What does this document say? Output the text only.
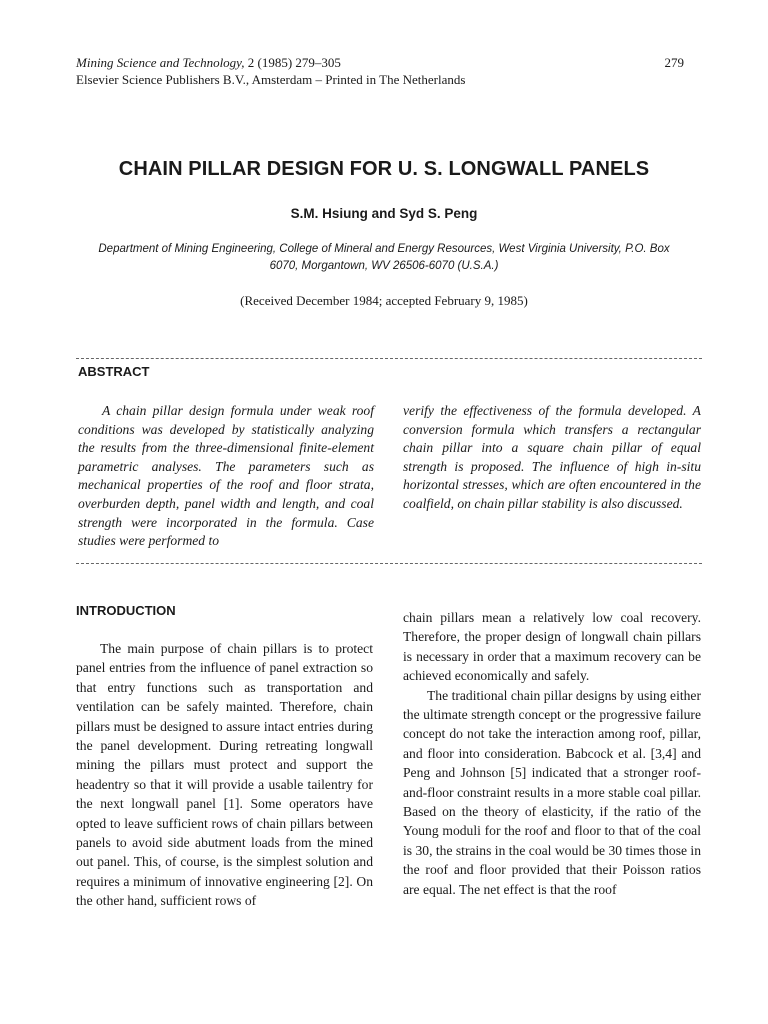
Mining Science and Technology, 2 (1985) 279–305
Elsevier Science Publishers B.V., Amsterdam – Printed in The Netherlands
279
CHAIN PILLAR DESIGN FOR U. S. LONGWALL PANELS
S.M. Hsiung and Syd S. Peng
Department of Mining Engineering, College of Mineral and Energy Resources, West Virginia University, P.O. Box 6070, Morgantown, WV 26506-6070 (U.S.A.)
(Received December 1984; accepted February 9, 1985)
ABSTRACT
A chain pillar design formula under weak roof conditions was developed by statistically analyzing the results from the three-dimensional finite-element parametric analyses. The parameters such as mechanical properties of the roof and floor strata, overburden depth, panel width and length, and coal strength were incorporated in the formula. Case studies were performed to
verify the effectiveness of the formula developed. A conversion formula which transfers a rectangular chain pillar into a square chain pillar of equal strength is proposed. The influence of high in-situ horizontal stresses, which are often encountered in the coalfield, on chain pillar stability is also discussed.
INTRODUCTION
The main purpose of chain pillars is to protect panel entries from the influence of panel extraction so that entry functions such as transportation and ventilation can be safely mainted. Therefore, chain pillars must be designed to assure intact entries during the panel development. During retreating longwall mining the pillars must protect and support the headentry so that it will provide a usable tailentry for the next longwall panel [1]. Some operators have opted to leave sufficient rows of chain pillars between panels to avoid side abutment loads from the mined out panel. This, of course, is the simplest solution and requires a minimum of innovative engineering [2]. On the other hand, sufficient rows of

chain pillars mean a relatively low coal recovery. Therefore, the proper design of longwall chain pillars is necessary in order that a maximum recovery can be achieved economically and safely.

The traditional chain pillar designs by using either the ultimate strength concept or the progressive failure concept do not take the interaction among roof, pillar, and floor into consideration. Babcock et al. [3,4] and Peng and Johnson [5] indicated that a stronger roof-and-floor constraint results in a more stable coal pillar. Based on the theory of elasticity, if the ratio of the Young moduli for the roof and floor to that of the coal is 30, the strains in the coal would be 30 times those in the roof and floor provided that their Poisson ratios are equal. The net effect is that the roof
